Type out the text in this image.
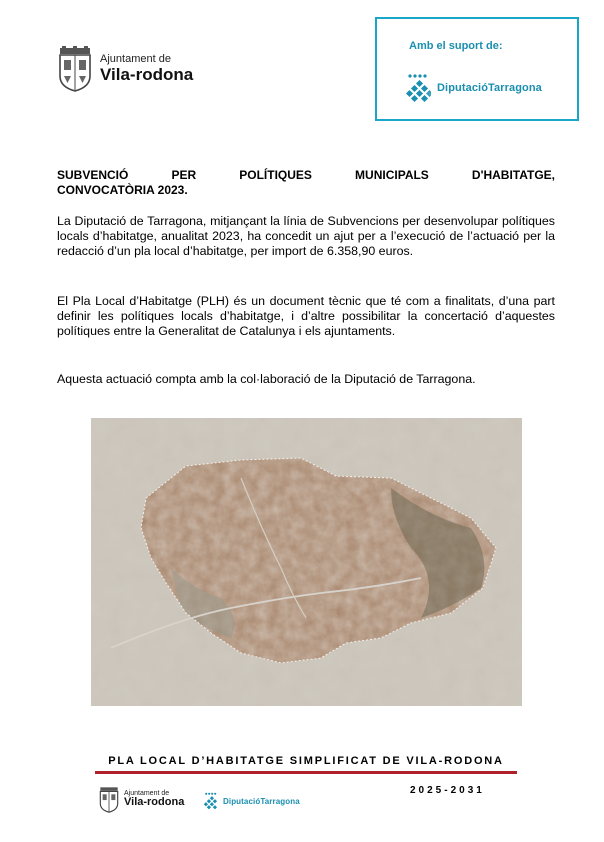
Ajuntament de
Vila-rodona
Amb el suport de:
DiputacióTarragona
SUBVENCIÓ PER POLÍTIQUES MUNICIPALS D'HABITATGE,
CONVOCATÒRIA 2023.
La Diputació de Tarragona, mitjançant la línia de Subvencions per desenvolupar polítiques locals d’habitatge, anualitat 2023, ha concedit un ajut per a l’execució de l’actuació per la redacció d’un pla local d’habitatge, per import de 6.358,90 euros.
El Pla Local d’Habitatge (PLH) és un document tècnic que té com a finalitats, d’una part definir les polítiques locals d’habitatge, i d’altre possibilitar la concertació d’aquestes polítiques entre la Generalitat de Catalunya i els ajuntaments.
Aquesta actuació compta amb la col·laboració de la Diputació de Tarragona.
PLA LOCAL D’HABITATGE SIMPLIFICAT DE VILA-RODONA
Ajuntament de
Vila-rodona	DiputacióTarragona
2025-2031
